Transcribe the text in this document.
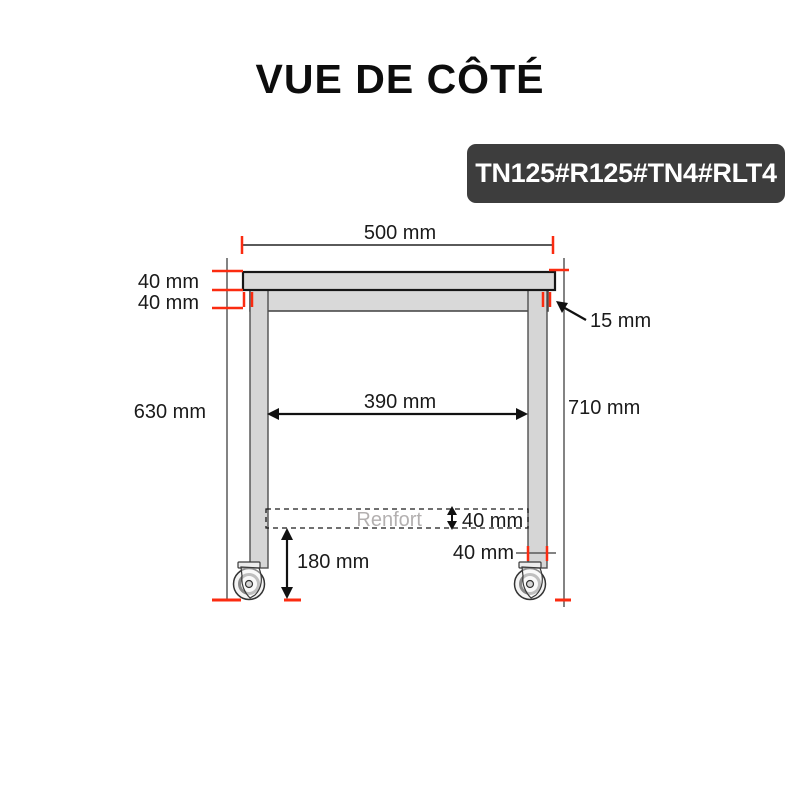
VUE DE CÔTÉ
TN125#R125#TN4#RLT4
500 mm
40 mm
40 mm
15 mm
630 mm	390 mm	710 mm
Renfort 40 mm
40 mm
180 mm
